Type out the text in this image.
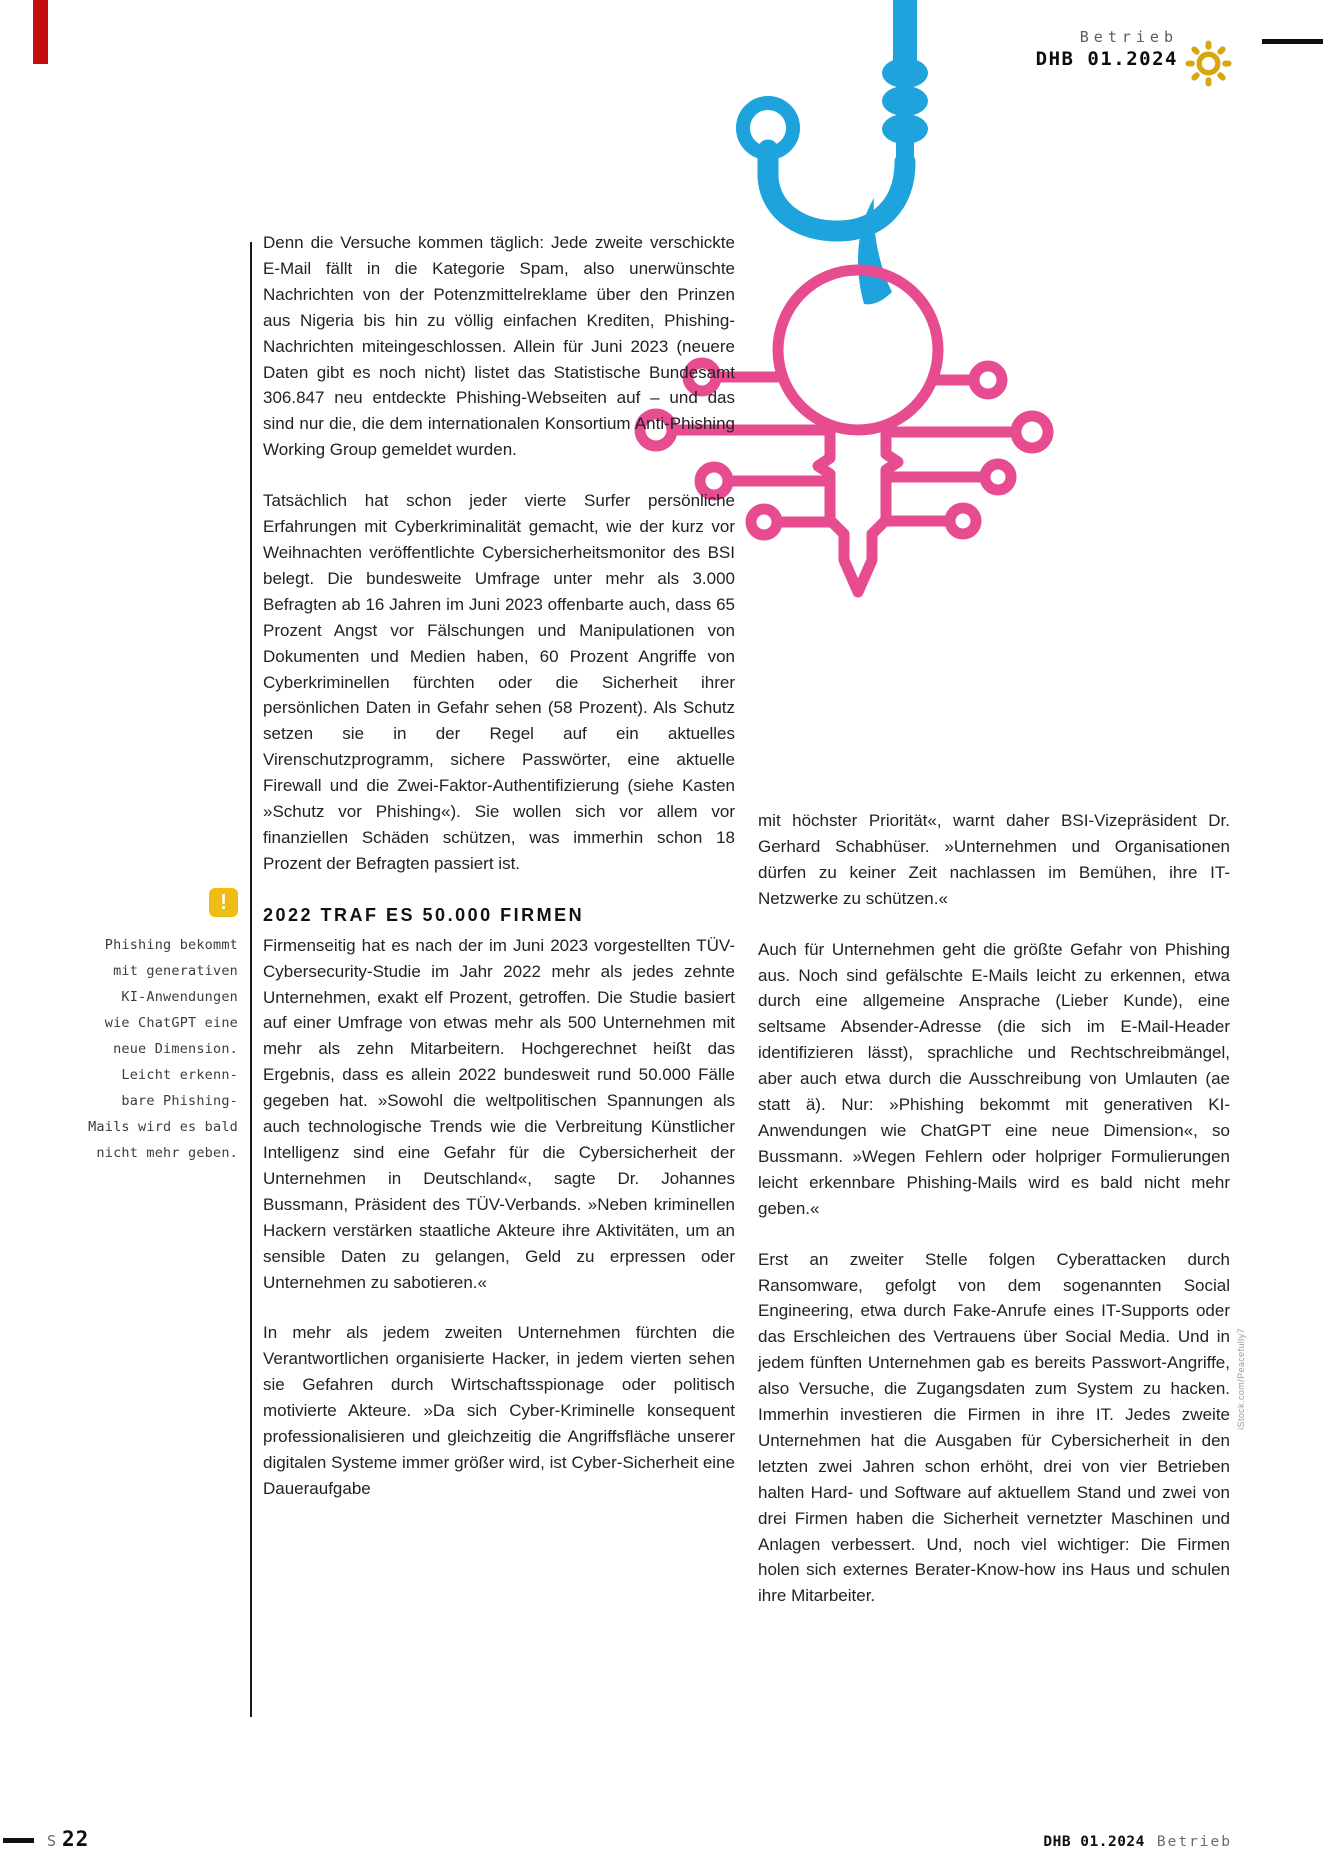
Betrieb
DHB 01.2024
!
Phishing bekommt
mit generativen
KI-Anwendungen
wie ChatGPT eine
neue Dimension.
Leicht erkenn-
bare Phishing-
Mails wird es bald
nicht mehr geben.

Denn die Versuche kommen täglich: Jede zweite verschickte E-Mail fällt in die Kategorie Spam, also unerwünschte Nachrichten von der Potenzmittelreklame über den Prinzen aus Nigeria bis hin zu völlig einfachen Krediten, Phishing-Nachrichten miteingeschlossen. Allein für Juni 2023 (neuere Daten gibt es noch nicht) listet das Statistische Bundesamt 306.847 neu entdeckte Phishing-Webseiten auf – und das sind nur die, die dem internationalen Konsortium Anti-Phishing Working Group gemeldet wurden.

Tatsächlich hat schon jeder vierte Surfer persönliche Erfahrungen mit Cyberkriminalität gemacht, wie der kurz vor Weihnachten veröffentlichte Cybersicherheitsmonitor des BSI belegt. Die bundesweite Umfrage unter mehr als 3.000 Befragten ab 16 Jahren im Juni 2023 offenbarte auch, dass 65 Prozent Angst vor Fälschungen und Manipulationen von Dokumenten und Medien haben, 60 Prozent Angriffe von Cyberkriminellen fürchten oder die Sicherheit ihrer persönlichen Daten in Gefahr sehen (58 Prozent). Als Schutz setzen sie in der Regel auf ein aktuelles Virenschutzprogramm, sichere Passwörter, eine aktuelle Firewall und die Zwei-Faktor-Authentifizierung (siehe Kasten »Schutz vor Phishing«). Sie wollen sich vor allem vor finanziellen Schäden schützen, was immerhin schon 18 Prozent der Befragten passiert ist.

2022 TRAF ES 50.000 FIRMEN

Firmenseitig hat es nach der im Juni 2023 vorgestellten TÜV-Cybersecurity-Studie im Jahr 2022 mehr als jedes zehnte Unternehmen, exakt elf Prozent, getroffen. Die Studie basiert auf einer Umfrage von etwas mehr als 500 Unternehmen mit mehr als zehn Mitarbeitern. Hochgerechnet heißt das Ergebnis, dass es allein 2022 bundesweit rund 50.000 Fälle gegeben hat. »Sowohl die weltpolitischen Spannungen als auch technologische Trends wie die Verbreitung Künstlicher Intelligenz sind eine Gefahr für die Cybersicherheit der Unternehmen in Deutschland«, sagte Dr. Johannes Bussmann, Präsident des TÜV-Verbands. »Neben kriminellen Hackern verstärken staatliche Akteure ihre Aktivitäten, um an sensible Daten zu gelangen, Geld zu erpressen oder Unternehmen zu sabotieren.«

In mehr als jedem zweiten Unternehmen fürchten die Verantwortlichen organisierte Hacker, in jedem vierten sehen sie Gefahren durch Wirtschaftsspionage oder politisch motivierte Akteure. »Da sich Cyber-Kriminelle konsequent professionalisieren und gleichzeitig die Angriffsfläche unserer digitalen Systeme immer größer wird, ist Cyber-Sicherheit eine Daueraufgabe

mit höchster Priorität«, warnt daher BSI-Vizepräsident Dr. Gerhard Schabhüser. »Unternehmen und Organisationen dürfen zu keiner Zeit nachlassen im Bemühen, ihre IT-Netzwerke zu schützen.«

Auch für Unternehmen geht die größte Gefahr von Phishing aus. Noch sind gefälschte E-Mails leicht zu erkennen, etwa durch eine allgemeine Ansprache (Lieber Kunde), eine seltsame Absender-Adresse (die sich im E-Mail-Header identifizieren lässt), sprachliche und Rechtschreibmängel, aber auch etwa durch die Ausschreibung von Umlauten (ae statt ä). Nur: »Phishing bekommt mit generativen KI-Anwendungen wie ChatGPT eine neue Dimension«, so Bussmann. »Wegen Fehlern oder holpriger Formulierungen leicht erkennbare Phishing-Mails wird es bald nicht mehr geben.«

Erst an zweiter Stelle folgen Cyberattacken durch Ransomware, gefolgt von dem sogenannten Social Engineering, etwa durch Fake-Anrufe eines IT-Supports oder das Erschleichen des Vertrauens über Social Media. Und in jedem fünften Unternehmen gab es bereits Passwort-Angriffe, also Versuche, die Zugangsdaten zum System zu hacken. Immerhin investieren die Firmen in ihre IT. Jedes zweite Unternehmen hat die Ausgaben für Cybersicherheit in den letzten zwei Jahren schon erhöht, drei von vier Betrieben halten Hard- und Software auf aktuellem Stand und zwei von drei Firmen haben die Sicherheit vernetzter Maschinen und Anlagen verbessert. Und, noch viel wichtiger: Die Firmen holen sich externes Berater-Know-how ins Haus und schulen ihre Mitarbeiter.

iStock.com/Peacefully7
S 22	DHB 01.2024 Betrieb
